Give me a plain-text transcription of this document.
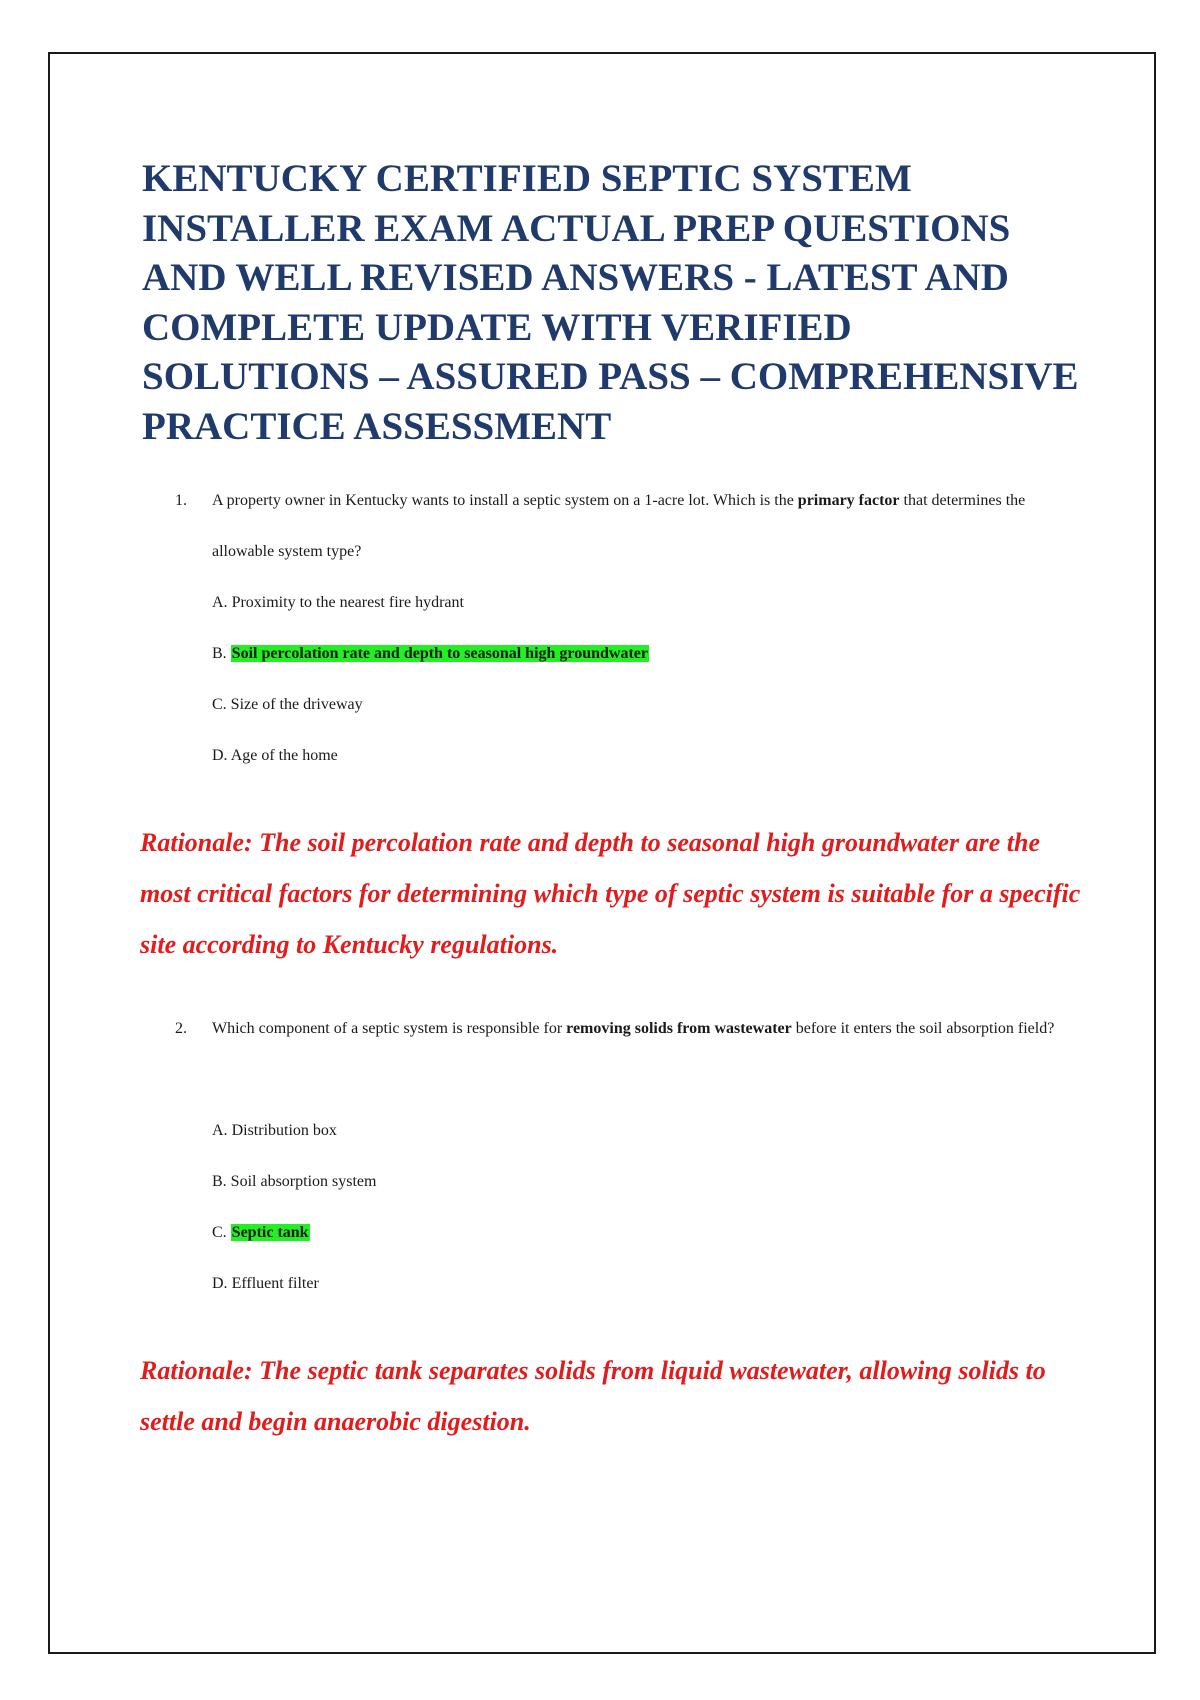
KENTUCKY CERTIFIED SEPTIC SYSTEM INSTALLER EXAM ACTUAL PREP QUESTIONS AND WELL REVISED ANSWERS - LATEST AND COMPLETE UPDATE WITH VERIFIED SOLUTIONS – ASSURED PASS – COMPREHENSIVE PRACTICE ASSESSMENT
1. A property owner in Kentucky wants to install a septic system on a 1-acre lot. Which is the primary factor that determines the allowable system type?
A. Proximity to the nearest fire hydrant
B. Soil percolation rate and depth to seasonal high groundwater
C. Size of the driveway
D. Age of the home
Rationale: The soil percolation rate and depth to seasonal high groundwater are the most critical factors for determining which type of septic system is suitable for a specific site according to Kentucky regulations.
2. Which component of a septic system is responsible for removing solids from wastewater before it enters the soil absorption field?
A. Distribution box
B. Soil absorption system
C. Septic tank
D. Effluent filter
Rationale: The septic tank separates solids from liquid wastewater, allowing solids to settle and begin anaerobic digestion.
